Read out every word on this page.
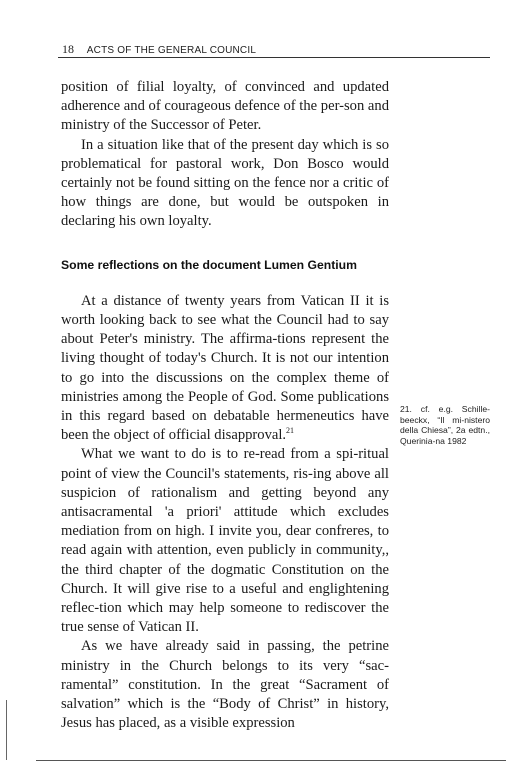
18 ACTS OF THE GENERAL COUNCIL

position of filial loyalty, of convinced and updated adherence and of courageous defence of the per-son and ministry of the Successor of Peter.

In a situation like that of the present day which is so problematical for pastoral work, Don Bosco would certainly not be found sitting on the fence nor a critic of how things are done, but would be outspoken in declaring his own loyalty.

Some reflections on the document Lumen Gentium

At a distance of twenty years from Vatican II it is worth looking back to see what the Council had to say about Peter's ministry. The affirma-tions represent the living thought of today's Church. It is not our intention to go into the discussions on the complex theme of ministries among the People of God. Some publications in this regard based on debatable hermeneutics have been the object of official disapproval.$^{21}$

What we want to do is to re-read from a spi-ritual point of view the Council's statements, ris-ing above all suspicion of rationalism and getting beyond any antisacramental 'a priori' attitude which excludes mediation from on high. I invite you, dear confreres, to read again with attention, even publicly in community,, the third chapter of the dogmatic Constitution on the Church. It will give rise to a useful and englightening reflec-tion which may help someone to rediscover the true sense of Vatican II.

As we have already said in passing, the petrine ministry in the Church belongs to its very “sac-ramental” constitution. In the great “Sacrament of salvation” which is the “Body of Christ” in history, Jesus has placed, as a visible expression

21. cf. e.g. Schille-beeckx, “Il mi-nistero della Chiesa”, 2a edtn., Querinia-na 1982
